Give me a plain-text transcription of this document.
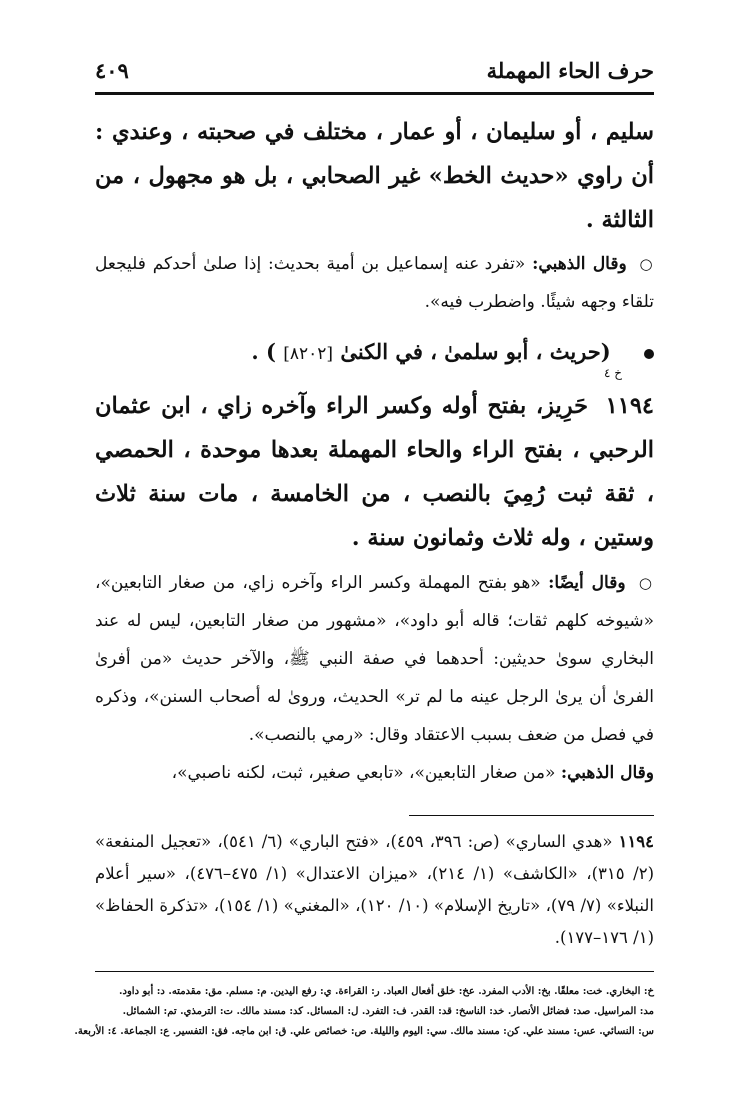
حرف الحاء المهملة
٤٠٩
سليم ، أو سليمان ، أو عمار ، مختلف في صحبته ، وعندي : أن راوي «حديث الخط» غير الصحابي ، بل هو مجهول ، من الثالثة .
○ وقال الذهبي: «تفرد عنه إسماعيل بن أمية بحديث: إذا صلىٰ أحدكم فليجعل تلقاء وجهه شيئًا. واضطرب فيه».
(حريث ، أبو سلمىٰ ، في الكنىٰ [٨٢٠٢] ) .
خ ٤
١١٩٤ حَرِيز، بفتح أوله وكسر الراء وآخره زاي ، ابن عثمان الرحبي ، بفتح الراء والحاء المهملة بعدها موحدة ، الحمصي ، ثقة ثبت رُمِيَ بالنصب ، من الخامسة ، مات سنة ثلاث وستين ، وله ثلاث وثمانون سنة .
○ وقال أيضًا: «هو بفتح المهملة وكسر الراء وآخره زاي، من صغار التابعين»، «شيوخه كلهم ثقات؛ قاله أبو داود»، «مشهور من صغار التابعين، ليس له عند البخاري سوىٰ حديثين: أحدهما في صفة النبي ﷺ، والآخر حديث «من أفرىٰ الفرىٰ أن يرىٰ الرجل عينه ما لم تر» الحديث، وروىٰ له أصحاب السنن»، وذكره في فصل من ضعف بسبب الاعتقاد وقال: «رمي بالنصب».
وقال الذهبي: «من صغار التابعين»، «تابعي صغير، ثبت، لكنه ناصبي»،
١١٩٤ «هدي الساري» (ص: ٣٩٦، ٤٥٩)، «فتح الباري» (٦/ ٥٤١)، «تعجيل المنفعة» (٢/ ٣١٥)، «الكاشف» (١/ ٢١٤)، «ميزان الاعتدال» (١/ ٤٧٥–٤٧٦)، «سير أعلام النبلاء» (٧/ ٧٩)، «تاريخ الإسلام» (١٠/ ١٢٠)، «المغني» (١/ ١٥٤)، «تذكرة الحفاظ» (١/ ١٧٦–١٧٧).
خ: البخاري. خت: معلقًا. بخ: الأدب المفرد. عخ: خلق أفعال العباد. ر: القراءة. ي: رفع اليدين. م: مسلم. مق: مقدمته. د: أبو داود.
مد: المراسيل. صد: فضائل الأنصار. خد: الناسخ: قد: القدر. ف: التفرد. ل: المسائل. كد: مسند مالك. ت: الترمذي. تم: الشمائل.
س: النسائي. عس: مسند علي. كن: مسند مالك. سي: اليوم والليلة. ص: خصائص علي. ق: ابن ماجه. فق: التفسير. ع: الجماعة. ٤: الأربعة.
